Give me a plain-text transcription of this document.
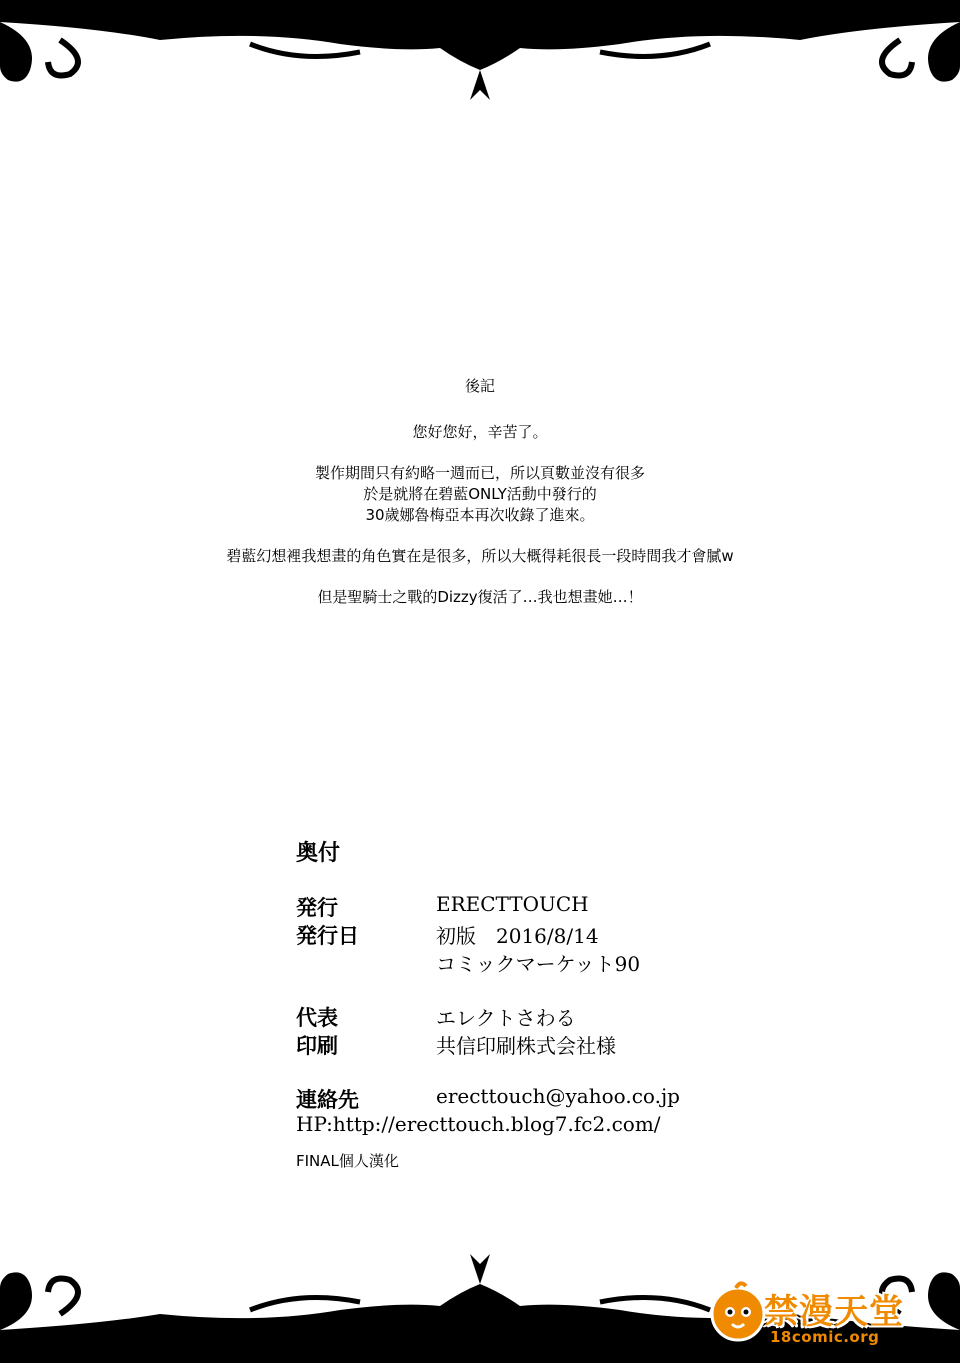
後記
您好您好，辛苦了。
製作期間只有約略一週而已，所以頁數並沒有很多
於是就將在碧藍ONLY活動中發行的
30歲娜魯梅亞本再次收錄了進來。
碧藍幻想裡我想畫的角色實在是很多，所以大概得耗很長一段時間我才會膩w
但是聖騎士之戰的Dizzy復活了…我也想畫她…！
奥付
発行	ERECTTOUCH
発行日	初版　2016/8/14
コミックマーケット90
代表	エレクトさわる
印刷	共信印刷株式会社様
連絡先	erecttouch@yahoo.co.jp
HP:http://erecttouch.blog7.fc2.com/
FINAL個人漢化
禁漫天堂
18comic.org
